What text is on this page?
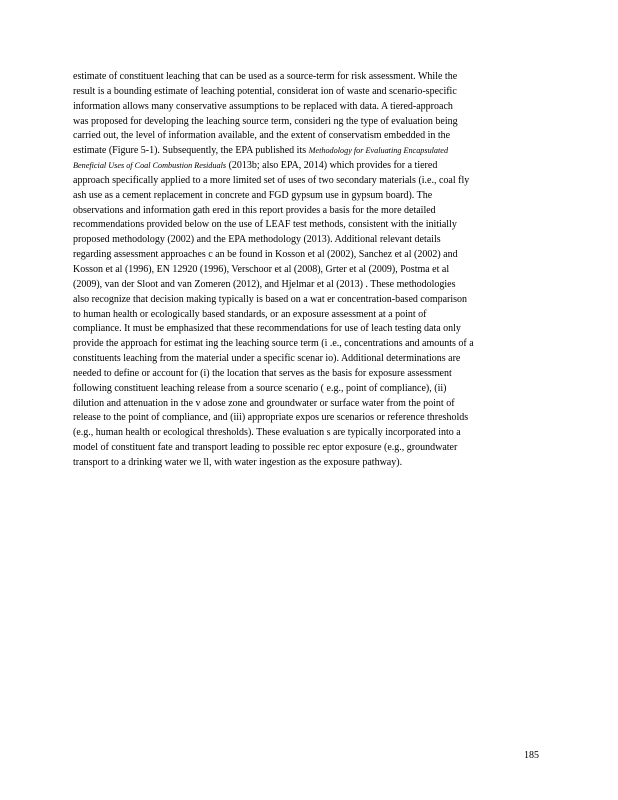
estimate of constituent leaching that can be used as a source‐term for risk assessment. While the
result is a bounding estimate of leaching potential, considerat ion of waste and scenario‐specific
information allows many conservative assumptions to be replaced with data. A tiered‐approach
was proposed for developing the leaching source term, consideri ng the type of evaluation being
carried out, the level of information available, and the extent of conservatism embedded in the
estimate (Figure 5‐1). Subsequently, the EPA published its Methodology for Evaluating Encapsulated
Beneficial Uses of Coal Combustion Residuals (2013b; also EPA, 2014) which provides for a tiered
approach specifically applied to a more limited set of uses of two secondary materials (i.e., coal fly
ash use as a cement replacement in concrete and FGD gypsum use in gypsum board). The
observations and information gath ered in this report provides a basis for the more detailed
recommendations provided below on the use of LEAF test methods, consistent with the initially
proposed methodology (2002) and the EPA methodology (2013). Additional relevant details
regarding assessment approaches c an be found in Kosson et al (2002), Sanchez et al (2002) and
Kosson et al (1996), EN 12920 (1996), Verschoor et al (2008), Grter et al (2009), Postma et al
(2009), van der Sloot and van Zomeren (2012), and Hjelmar et al (2013) . These methodologies
also recognize that decision making typically is based on a wat er concentration‐based comparison
to human health or ecologically based standards, or an exposure assessment at a point of
compliance. It must be emphasized that these recommendations for use of leach testing data only
provide the approach for estimat ing the leaching source term (i .e., concentrations and amounts of a
constituents leaching from the material under a specific scenar io). Additional determinations are
needed to define or account for (i) the location that serves as the basis for exposure assessment
following constituent leaching release from a source scenario ( e.g., point of compliance), (ii)
dilution and attenuation in the v adose zone and groundwater or surface water from the point of
release to the point of compliance, and (iii) appropriate expos ure scenarios or reference thresholds
(e.g., human health or ecological thresholds). These evaluation s are typically incorporated into a
model of constituent fate and transport leading to possible rec eptor exposure (e.g., groundwater
transport to a drinking water we ll, with water ingestion as the exposure pathway).
185
